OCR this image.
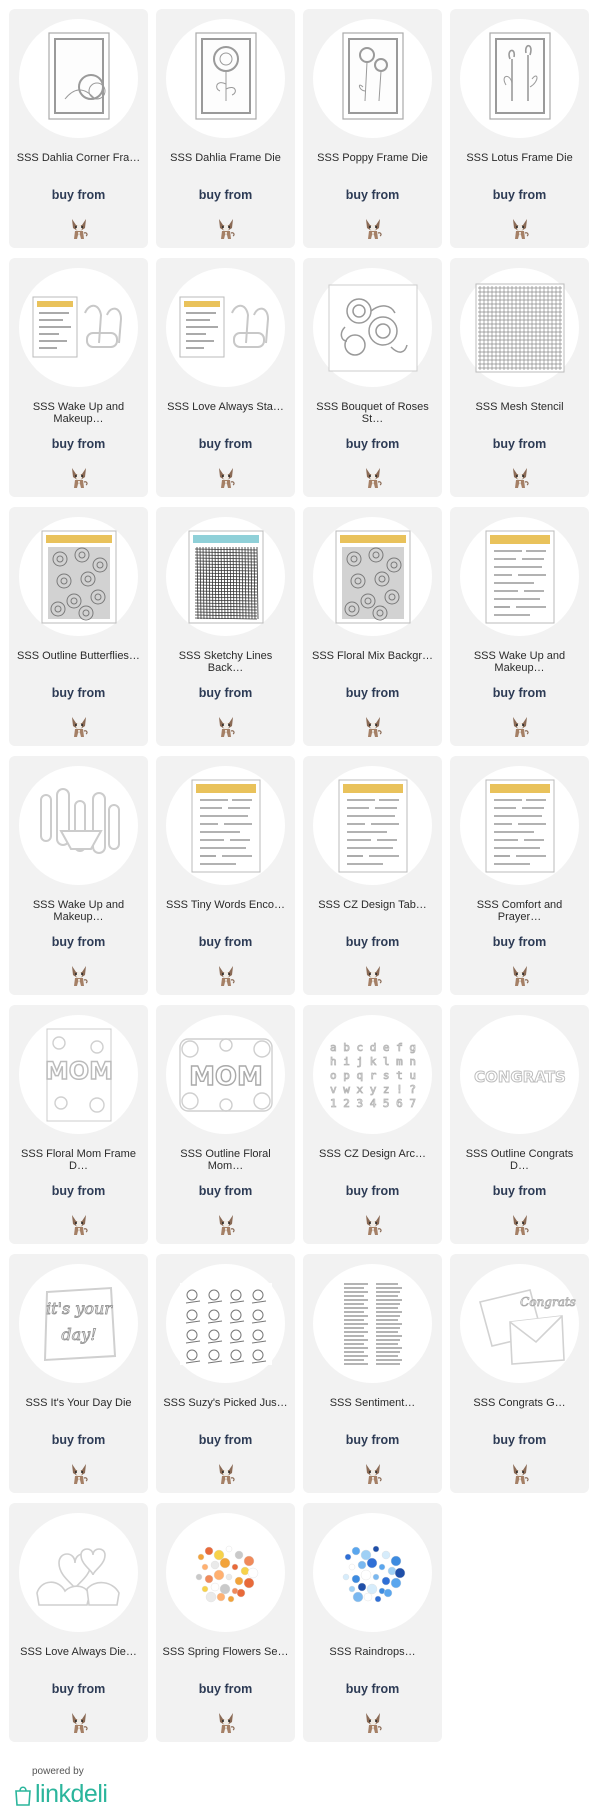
SSS Dahlia Corner Fra…
buy from
SSS Dahlia Frame Die
buy from
SSS Poppy Frame Die
buy from
SSS Lotus Frame Die
buy from
SSS Wake Up and Makeup…
buy from
SSS Love Always Sta…
buy from
SSS Bouquet of Roses St…
buy from
SSS Mesh Stencil
buy from
SSS Outline Butterflies…
buy from
SSS Sketchy Lines Back…
buy from
SSS Floral Mix Backgr…
buy from
SSS Wake Up and Makeup…
buy from
SSS Wake Up and Makeup…
buy from
SSS Tiny Words Enco…
buy from
SSS CZ Design Tab…
buy from
SSS Comfort and Prayer…
buy from
MOM
SSS Floral Mom Frame D…
buy from
MOM
SSS Outline Floral Mom…
buy from
a b c d e f g
h i j k l m n
o p q r s t u
v w x y z ! ?
1 2 3 4 5 6 7
SSS CZ Design Arc…
buy from
CONGRATS
SSS Outline Congrats D…
buy from
it's your
day!
SSS It's Your Day Die
buy from
SSS Suzy's Picked Jus…
buy from
SSS Sentiment…
buy from
Congrats
SSS Congrats G…
buy from
SSS Love Always Die…
buy from
SSS Spring Flowers Se…
buy from
SSS Raindrops…
buy from
powered by
linkdeli
